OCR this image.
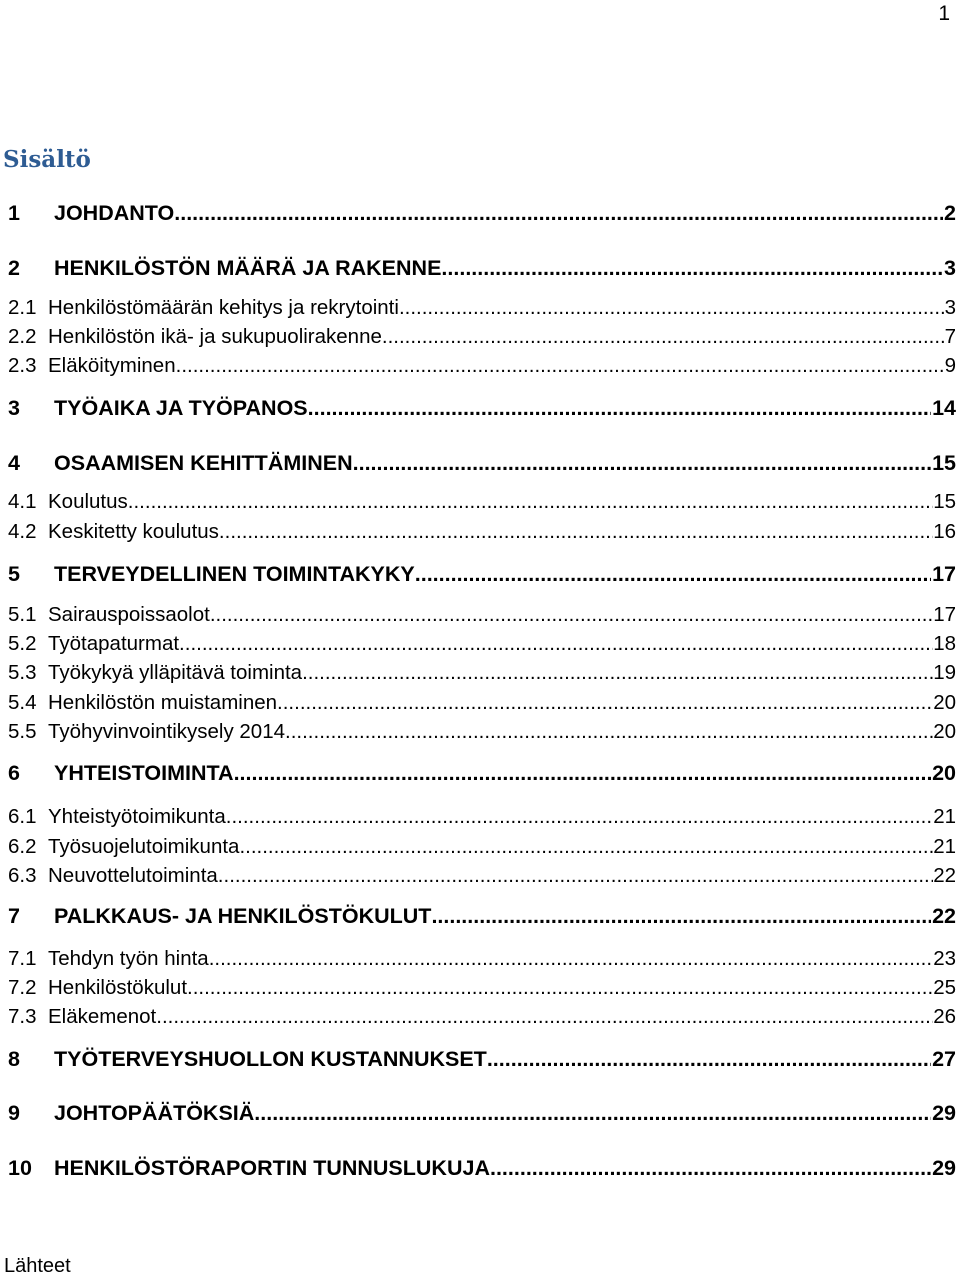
1
Sisältö
1	JOHDANTO .....	2
2	HENKILÖSTÖN MÄÄRÄ JA RAKENNE .....	3
2.1 Henkilöstömäärän kehitys ja rekrytointi .....	3
2.2 Henkilöstön ikä- ja sukupuolirakenne .....	7
2.3 Eläköityminen .....	9
3	TYÖAIKA JA TYÖPANOS .....	14
4	OSAAMISEN KEHITTÄMINEN .....	15
4.1 Koulutus .....	15
4.2 Keskitetty koulutus .....	16
5	TERVEYDELLINEN TOIMINTAKYKY .....	17
5.1 Sairauspoissaolot .....	17
5.2 Työtapaturmat .....	18
5.3 Työkykyä ylläpitävä toiminta .....	19
5.4 Henkilöstön muistaminen .....	20
5.5 Työhyvinvointikysely 2014 .....	20
6	YHTEISTOIMINTA .....	20
6.1 Yhteistyötoimikunta .....	21
6.2 Työsuojelutoimikunta .....	21
6.3 Neuvottelutoiminta .....	22
7	PALKKAUS- JA HENKILÖSTÖKULUT .....	22
7.1 Tehdyn työn hinta .....	23
7.2 Henkilöstökulut .....	25
7.3 Eläkemenot .....	26
8	TYÖTERVEYSHUOLLON KUSTANNUKSET .....	27
9	JOHTOPÄÄTÖKSIÄ .....	29
10	HENKILÖSTÖRAPORTIN TUNNUSLUKUJA .....	29
Lähteet
